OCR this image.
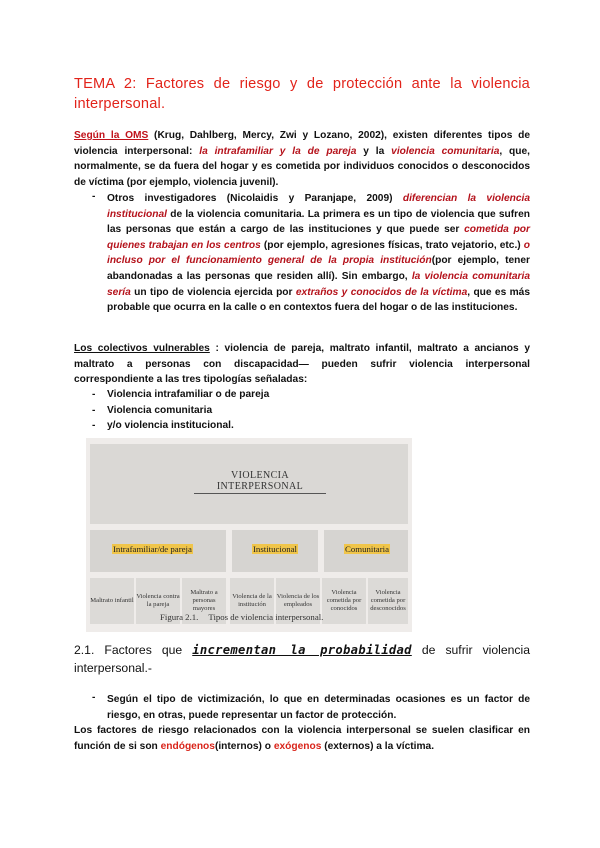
TEMA 2: Factores de riesgo y de protección ante la violencia
interpersonal.
Según la OMS (Krug, Dahlberg, Mercy, Zwi y Lozano, 2002), existen diferentes tipos de violencia interpersonal: la intrafamiliar y la de pareja y la violencia comunitaria, que, normalmente, se da fuera del hogar y es cometida por individuos conocidos o desconocidos de víctima (por ejemplo, violencia juvenil).
- Otros investigadores (Nicolaidis y Paranjape, 2009) diferencian la violencia institucional de la violencia comunitaria. La primera es un tipo de violencia que sufren las personas que están a cargo de las instituciones y que puede ser cometida por quienes trabajan en los centros (por ejemplo, agresiones físicas, trato vejatorio, etc.) o incluso por el funcionamiento general de la propia institución(por ejemplo, tener abandonadas a las personas que residen allí). Sin embargo, la violencia comunitaria sería un tipo de violencia ejercida por extraños y conocidos de la víctima, que es más probable que ocurra en la calle o en contextos fuera del hogar o de las instituciones.
Los colectivos vulnerables : violencia de pareja, maltrato infantil, maltrato a ancianos y maltrato a personas con discapacidad— pueden sufrir violencia interpersonal correspondiente a las tres tipologías señaladas:
- Violencia intrafamiliar o de pareja
- Violencia comunitaria
- y/o violencia institucional.
VIOLENCIA INTERPERSONAL
Intrafamiliar/de pareja	Institucional	Comunitaria
Maltrato infantil
Violencia contra la pareja
Maltrato a personas mayores
Violencia de la institución
Violencia de los empleados
Violencia cometida por conocidos
Violencia cometida por desconocidos
Figura 2.1. Tipos de violencia interpersonal.
2.1. Factores que incrementan la probabilidad de sufrir violencia interpersonal.-
- Según el tipo de victimización, lo que en determinadas ocasiones es un factor de riesgo, en otras, puede representar un factor de protección.
Los factores de riesgo relacionados con la violencia interpersonal se suelen clasificar en función de si son endógenos(internos) o exógenos (externos) a la víctima.
